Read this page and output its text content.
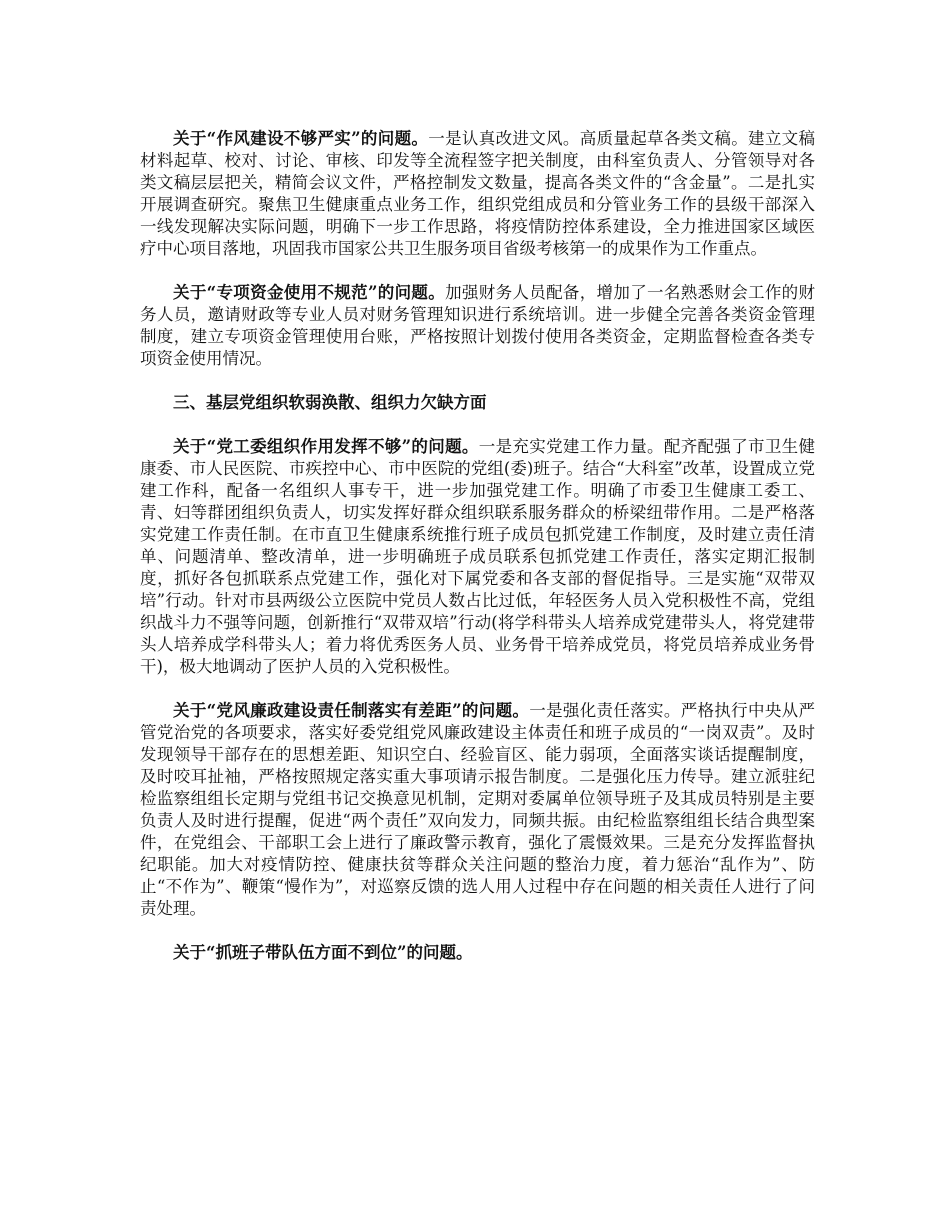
关于“作风建设不够严实”的问题。一是认真改进文风。高质量起草各类文稿。建立文稿材料起草、校对、讨论、审核、印发等全流程签字把关制度，由科室负责人、分管领导对各类文稿层层把关，精简会议文件，严格控制发文数量，提高各类文件的“含金量”。二是扎实开展调查研究。聚焦卫生健康重点业务工作，组织党组成员和分管业务工作的县级干部深入一线发现解决实际问题，明确下一步工作思路，将疫情防控体系建设，全力推进国家区域医疗中心项目落地，巩固我市国家公共卫生服务项目省级考核第一的成果作为工作重点。

关于“专项资金使用不规范”的问题。加强财务人员配备，增加了一名熟悉财会工作的财务人员，邀请财政等专业人员对财务管理知识进行系统培训。进一步健全完善各类资金管理制度，建立专项资金管理使用台账，严格按照计划拨付使用各类资金，定期监督检查各类专项资金使用情况。

三、基层党组织软弱涣散、组织力欠缺方面

关于“党工委组织作用发挥不够”的问题。一是充实党建工作力量。配齐配强了市卫生健康委、市人民医院、市疾控中心、市中医院的党组(委)班子。结合“大科室”改革，设置成立党建工作科，配备一名组织人事专干，进一步加强党建工作。明确了市委卫生健康工委工、青、妇等群团组织负责人，切实发挥好群众组织联系服务群众的桥梁纽带作用。二是严格落实党建工作责任制。在市直卫生健康系统推行班子成员包抓党建工作制度，及时建立责任清单、问题清单、整改清单，进一步明确班子成员联系包抓党建工作责任，落实定期汇报制度，抓好各包抓联系点党建工作，强化对下属党委和各支部的督促指导。三是实施“双带双培”行动。针对市县两级公立医院中党员人数占比过低，年轻医务人员入党积极性不高，党组织战斗力不强等问题，创新推行“双带双培”行动(将学科带头人培养成党建带头人，将党建带头人培养成学科带头人；着力将优秀医务人员、业务骨干培养成党员，将党员培养成业务骨干)，极大地调动了医护人员的入党积极性。

关于“党风廉政建设责任制落实有差距”的问题。一是强化责任落实。严格执行中央从严管党治党的各项要求，落实好委党组党风廉政建设主体责任和班子成员的“一岗双责”。及时发现领导干部存在的思想差距、知识空白、经验盲区、能力弱项，全面落实谈话提醒制度，及时咬耳扯袖，严格按照规定落实重大事项请示报告制度。二是强化压力传导。建立派驻纪检监察组组长定期与党组书记交换意见机制，定期对委属单位领导班子及其成员特别是主要负责人及时进行提醒，促进“两个责任”双向发力，同频共振。由纪检监察组组长结合典型案件，在党组会、干部职工会上进行了廉政警示教育，强化了震慑效果。三是充分发挥监督执纪职能。加大对疫情防控、健康扶贫等群众关注问题的整治力度，着力惩治“乱作为”、防止“不作为”、鞭策“慢作为”，对巡察反馈的选人用人过程中存在问题的相关责任人进行了问责处理。

关于“抓班子带队伍方面不到位”的问题。
